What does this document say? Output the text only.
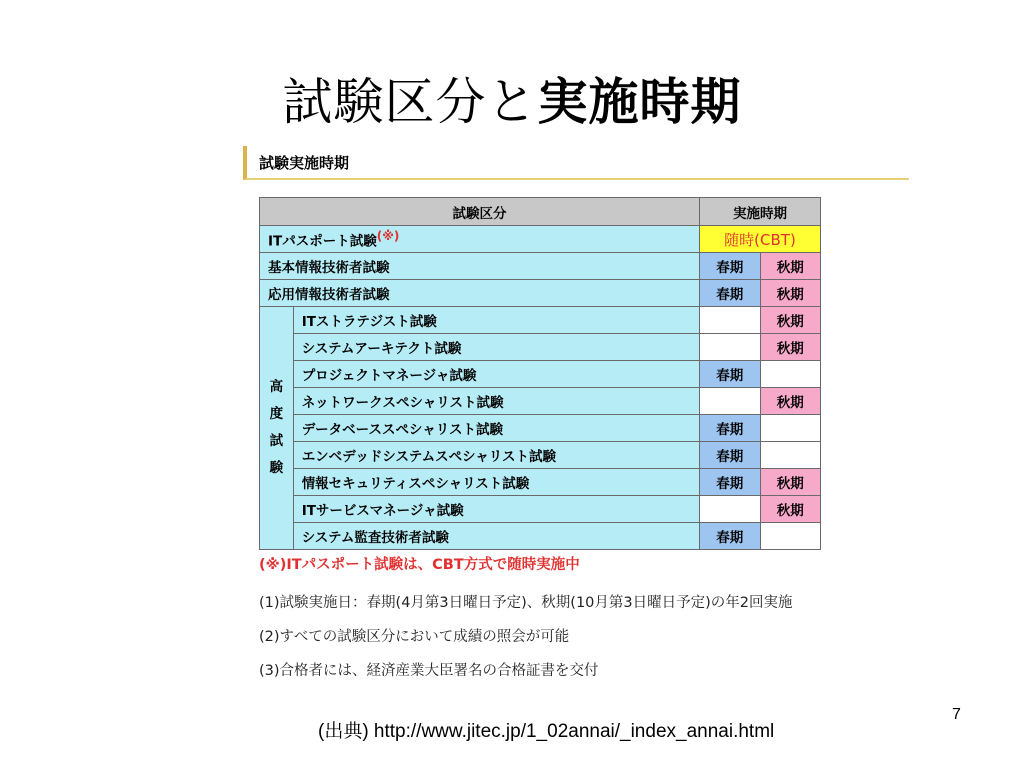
試験区分と実施時期
試験実施時期
試験区分		実施時期	
ITパスポート試験(※)		随時(CBT)	
基本情報技術者試験		春期	秋期
応用情報技術者試験		春期	秋期
高
度
試
験	ITストラテジスト試験		秋期
	システムアーキテクト試験		秋期
	プロジェクトマネージャ試験	春期	
	ネットワークスペシャリスト試験		秋期
	データベーススペシャリスト試験	春期	
	エンベデッドシステムスペシャリスト試験	春期	
	情報セキュリティスペシャリスト試験	春期	秋期
	ITサービスマネージャ試験		秋期
	システム監査技術者試験	春期	
(※)ITパスポート試験は、CBT方式で随時実施中
(1)試験実施日：春期(4月第3日曜日予定)、秋期(10月第3日曜日予定)の年2回実施
(2)すべての試験区分において成績の照会が可能
(3)合格者には、経済産業大臣署名の合格証書を交付
(出典) http://www.jitec.jp/1_02annai/_index_annai.html
7
